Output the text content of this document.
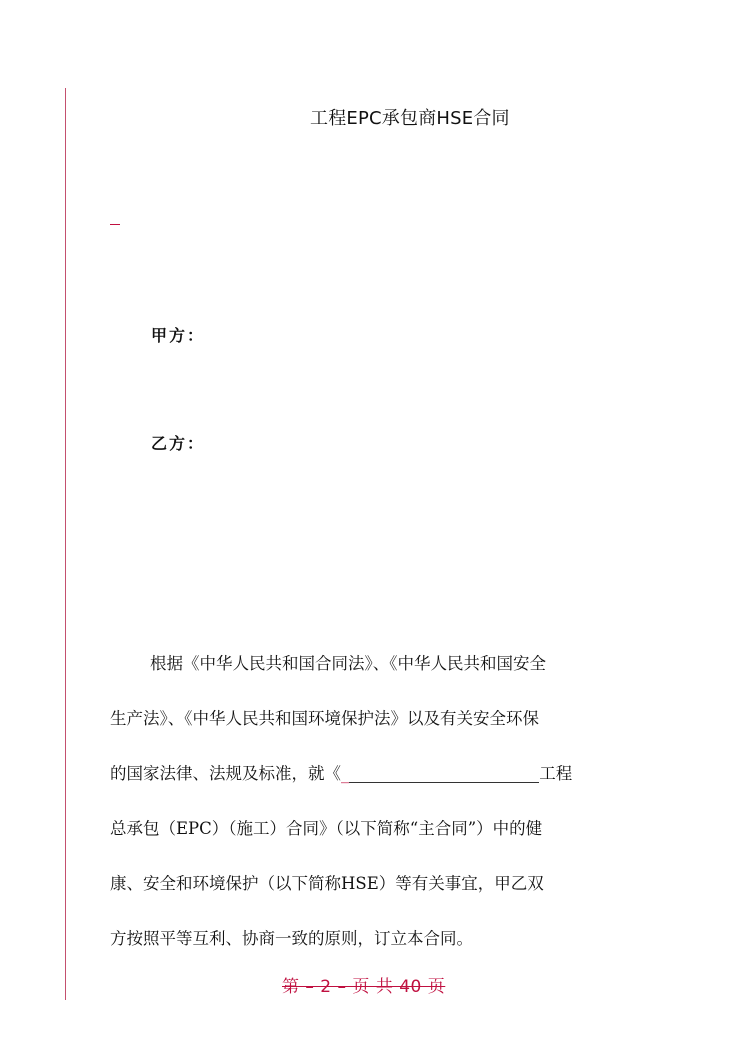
工程EPC承包商HSE合同
甲方：
乙方：
根据《中华人民共和国合同法》、《中华人民共和国安全
生产法》、《中华人民共和国环境保护法》以及有关安全环保
的国家法律、法规及标准，就《_	工程
总承包（EPC）（施工）合同》（以下简称“主合同”）中的健
康、安全和环境保护（以下简称HSE）等有关事宜，甲乙双
方按照平等互利、协商一致的原则，订立本合同。
第 – 2 – 页 共 40 页
